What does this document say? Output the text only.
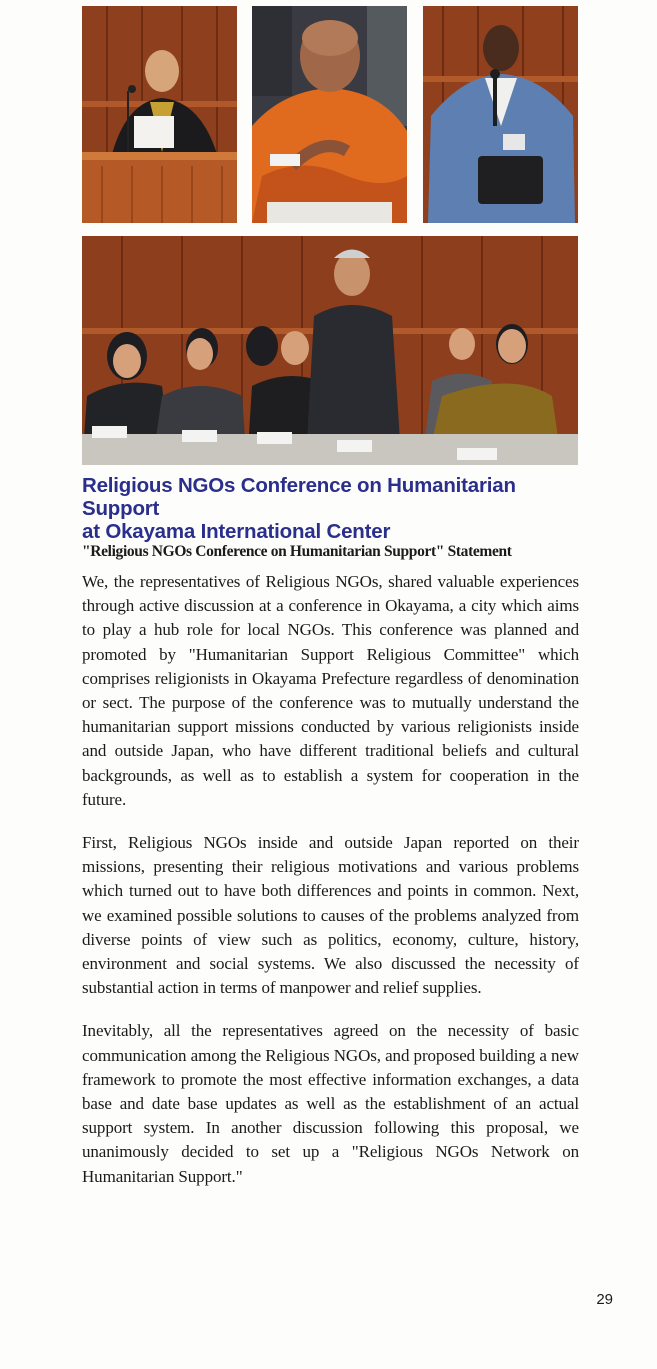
Religious NGOs Conference on Humanitarian Support
at Okayama International Center
"Religious NGOs Conference on Humanitarian Support" Statement

We, the representatives of Religious NGOs, shared valuable experiences through active discussion at a conference in Okayama, a city which aims to play a hub role for local NGOs. This conference was planned and promoted by "Humanitarian Support Religious Committee" which comprises religionists in Okayama Prefecture regardless of denomination or sect. The purpose of the conference was to mutually understand the humanitarian support missions conducted by various religionists inside and outside Japan, who have different traditional beliefs and cultural backgrounds, as well as to establish a system for cooperation in the future.

First, Religious NGOs inside and outside Japan reported on their missions, presenting their religious motivations and various problems which turned out to have both differences and points in common. Next, we examined possible solutions to causes of the problems analyzed from diverse points of view such as politics, economy, culture, history, environment and social systems. We also discussed the necessity of substantial action in terms of manpower and relief supplies.

Inevitably, all the representatives agreed on the necessity of basic communication among the Religious NGOs, and proposed building a new framework to promote the most effective information exchanges, a data base and date base updates as well as the establishment of an actual support system. In another discussion following this proposal, we unanimously decided to set up a "Religious NGOs Network on Humanitarian Support."

29
